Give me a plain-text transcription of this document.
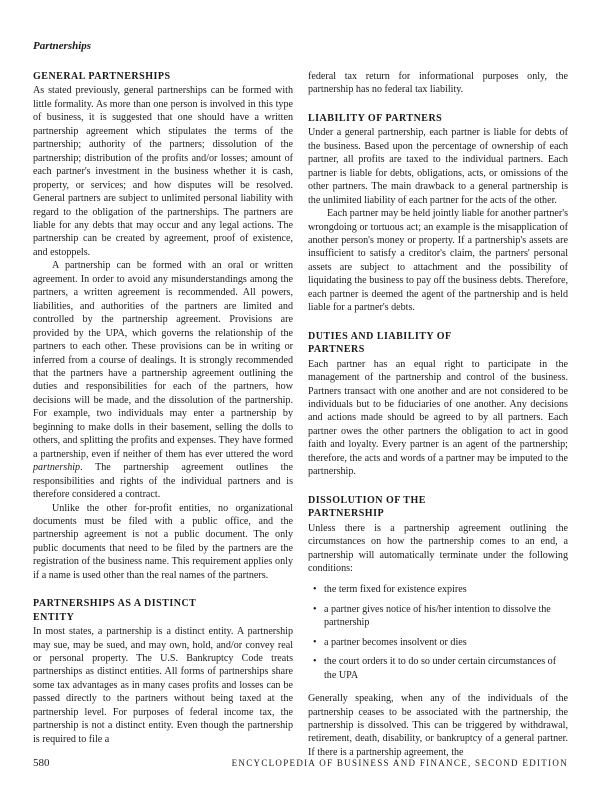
Partnerships
GENERAL PARTNERSHIPS

As stated previously, general partnerships can be formed with little formality. As more than one person is involved in this type of business, it is suggested that one should have a written partnership agreement which stipulates the terms of the partnership; authority of the partners; dissolution of the partnership; distribution of the profits and/or losses; amount of each partner's investment in the business whether it is cash, property, or services; and how disputes will be resolved. General partners are subject to unlimited personal liability with regard to the obligation of the partnerships. The partners are liable for any debts that may occur and any legal actions. The partnership can be created by agreement, proof of existence, and estoppels.

A partnership can be formed with an oral or written agreement. In order to avoid any misunderstandings among the partners, a written agreement is recommended. All powers, liabilities, and authorities of the partners are limited and controlled by the partnership agreement. Provisions are provided by the UPA, which governs the relationship of the partners to each other. These provisions can be in writing or inferred from a course of dealings. It is strongly recommended that the partners have a partnership agreement outlining the duties and responsibilities for each of the partners, how decisions will be made, and the dissolution of the partnership. For example, two individuals may enter a partnership by beginning to make dolls in their basement, selling the dolls to others, and splitting the profits and expenses. They have formed a partnership, even if neither of them has ever uttered the word partnership. The partnership agreement outlines the responsibilities and rights of the individual partners and is therefore considered a contract.

Unlike the other for-profit entities, no organizational documents must be filed with a public office, and the partnership agreement is not a public document. The only public documents that need to be filed by the partners are the registration of the business name. This requirement applies only if a name is used other than the real names of the partners.

PARTNERSHIPS AS A DISTINCT
ENTITY

In most states, a partnership is a distinct entity. A partnership may sue, may be sued, and may own, hold, and/or convey real or personal property. The U.S. Bankruptcy Code treats partnerships as distinct entities. All forms of partnerships share some tax advantages as in many cases profits and losses can be passed directly to the partners without being taxed at the partnership level. For purposes of federal income tax, the partnership is not a distinct entity. Even though the partnership is required to file a

federal tax return for informational purposes only, the partnership has no federal tax liability.

LIABILITY OF PARTNERS

Under a general partnership, each partner is liable for debts of the business. Based upon the percentage of ownership of each partner, all profits are taxed to the individual partners. Each partner is liable for debts, obligations, acts, or omissions of the other partners. The main drawback to a general partnership is the unlimited liability of each partner for the acts of the other.

Each partner may be held jointly liable for another partner's wrongdoing or tortuous act; an example is the misapplication of another person's money or property. If a partnership's assets are insufficient to satisfy a creditor's claim, the partners' personal assets are subject to attachment and the possibility of liquidating the business to pay off the business debts. Therefore, each partner is deemed the agent of the partnership and is held liable for a partner's debts.

DUTIES AND LIABILITY OF
PARTNERS

Each partner has an equal right to participate in the management of the partnership and control of the business. Partners transact with one another and are not considered to be individuals but to be fiduciaries of one another. Any decisions and actions made should be agreed to by all partners. Each partner owes the other partners the obligation to act in good faith and loyalty. Every partner is an agent of the partnership; therefore, the acts and words of a partner may be imputed to the partnership.

DISSOLUTION OF THE
PARTNERSHIP

Unless there is a partnership agreement outlining the circumstances on how the partnership comes to an end, a partnership will automatically terminate under the following conditions:

• the term fixed for existence expires
• a partner gives notice of his/her intention to dissolve the partnership
• a partner becomes insolvent or dies
• the court orders it to do so under certain circumstances of the UPA

Generally speaking, when any of the individuals of the partnership ceases to be associated with the partnership, the partnership is dissolved. This can be triggered by withdrawal, retirement, death, disability, or bankruptcy of a general partner. If there is a partnership agreement, the

580	ENCYCLOPEDIA OF BUSINESS AND FINANCE, SECOND EDITION
